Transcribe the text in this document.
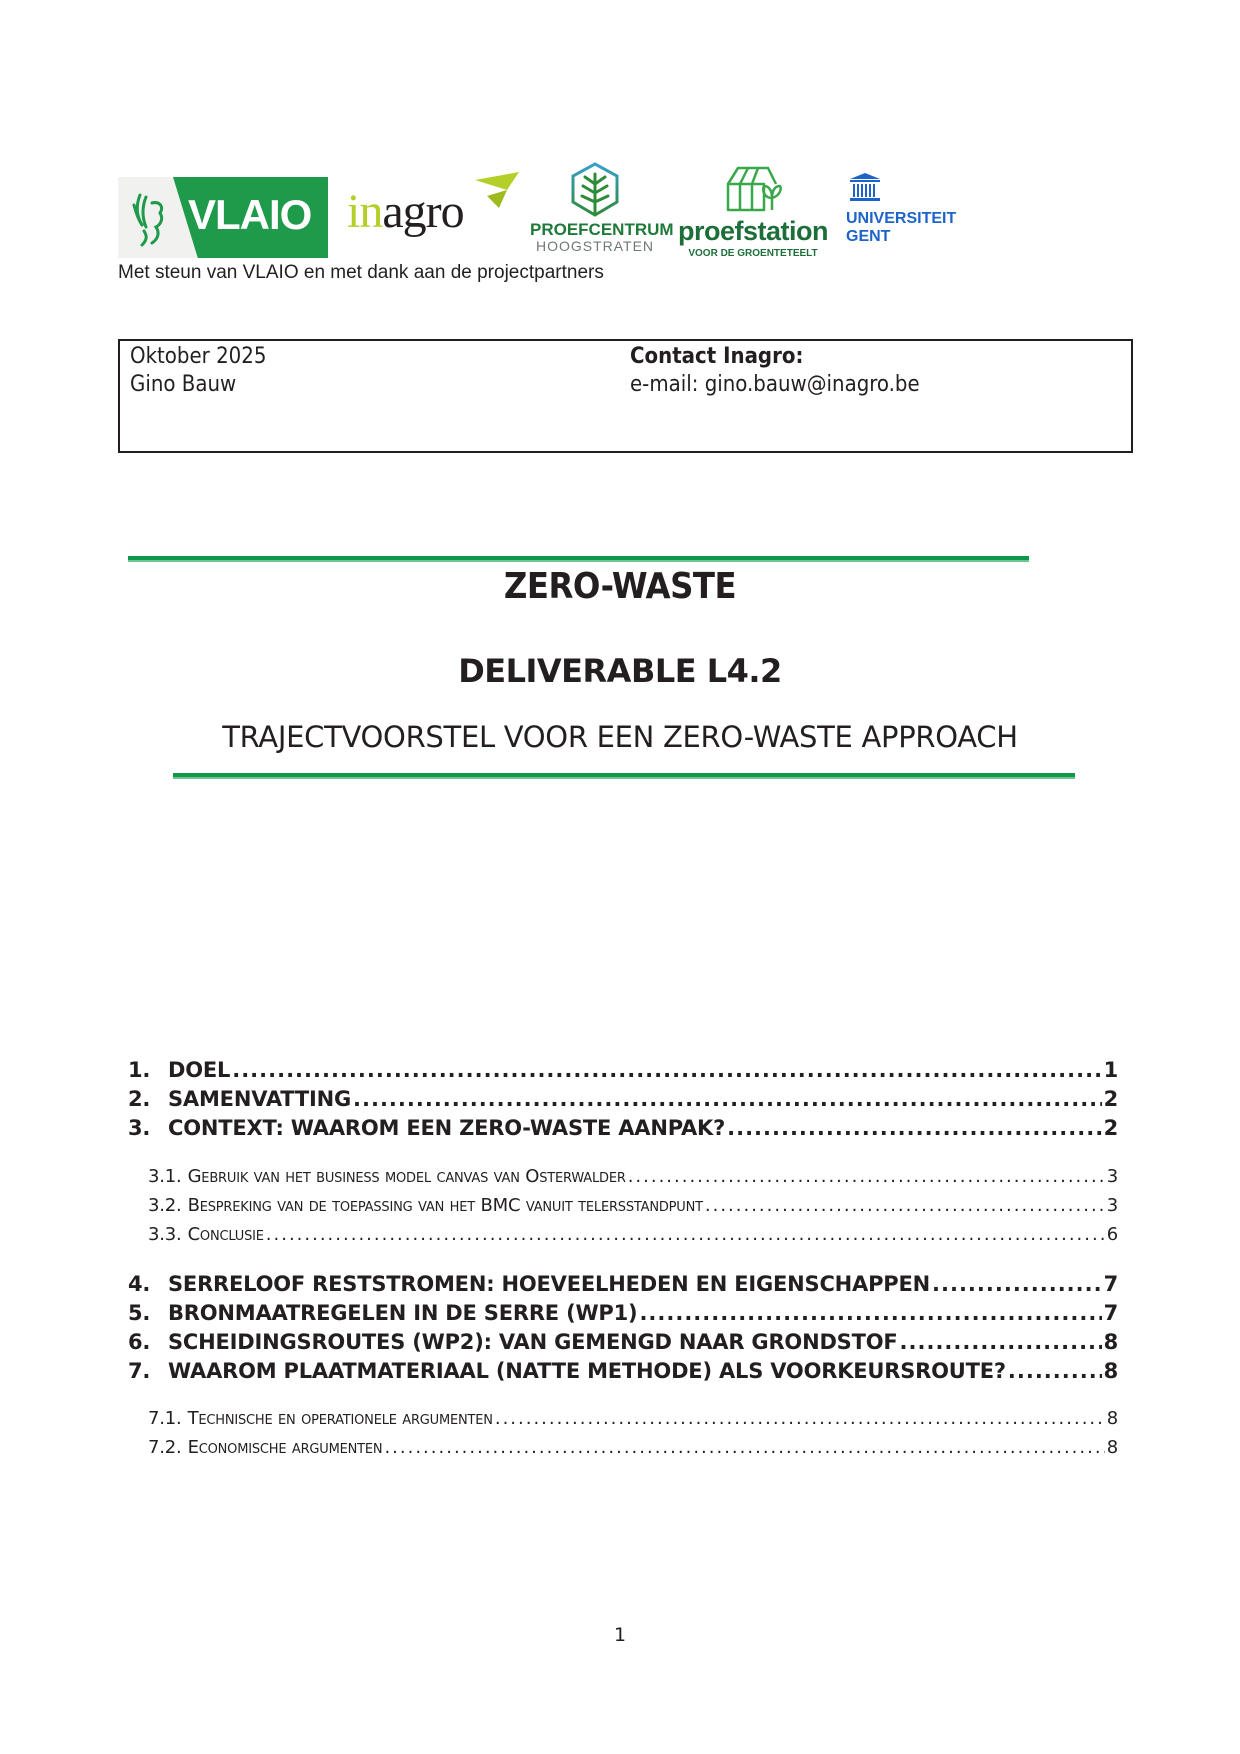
VLAIO inagro	PROEFCENTRUM
HOOGSTRATEN proefstation
VOOR DE GROENTETEELT
UNIVERSITEIT
GENT
Met steun van VLAIO en met dank aan de projectpartners
Oktober 2025
Gino Bauw
Contact Inagro:
e-mail: gino.bauw@inagro.be
ZERO-WASTE
DELIVERABLE L4.2
TRAJECTVOORSTEL VOOR EEN ZERO-WASTE APPROACH
1. DOEL .....	1
2. SAMENVATTING .....	2
3. CONTEXT: WAAROM EEN ZERO-WASTE AANPAK? .....	2
3.1. Gebruik van het business model canvas van Osterwalder .....	3
3.2. Bespreking van de toepassing van het BMC vanuit telersstandpunt .....	3
3.3. Conclusie .....	6
4. SERRELOOF RESTSTROMEN: HOEVEELHEDEN EN EIGENSCHAPPEN .....	7
5. BRONMAATREGELEN IN DE SERRE (WP1) .....	7
6. SCHEIDINGSROUTES (WP2): VAN GEMENGD NAAR GRONDSTOF .....	8
7. WAAROM PLAATMATERIAAL (NATTE METHODE) ALS VOORKEURSROUTE? .....	8
7.1. Technische en operationele argumenten .....	8
7.2. Economische argumenten .....	8
1
